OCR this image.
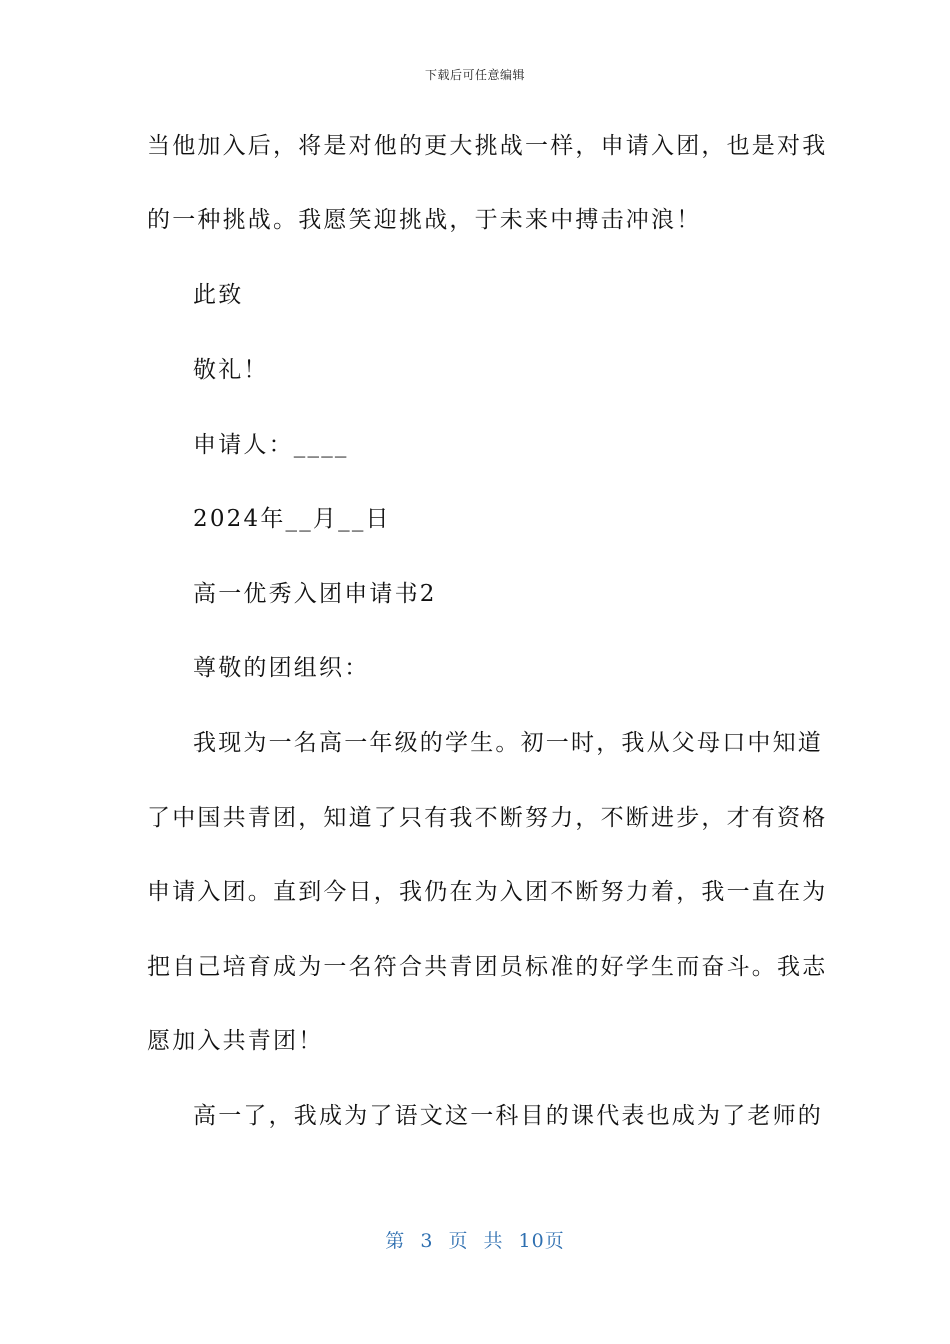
下载后可任意编辑
当他加入后，将是对他的更大挑战一样，申请入团，也是对我
的一种挑战。我愿笑迎挑战，于未来中搏击冲浪！
此致
敬礼！
申请人：____
2024年__月__日
高一优秀入团申请书2
尊敬的团组织：
我现为一名高一年级的学生。初一时，我从父母口中知道
了中国共青团，知道了只有我不断努力，不断进步，才有资格
申请入团。直到今日，我仍在为入团不断努力着，我一直在为
把自己培育成为一名符合共青团员标准的好学生而奋斗。我志
愿加入共青团！
高一了，我成为了语文这一科目的课代表也成为了老师的
第 3 页 共 10页
